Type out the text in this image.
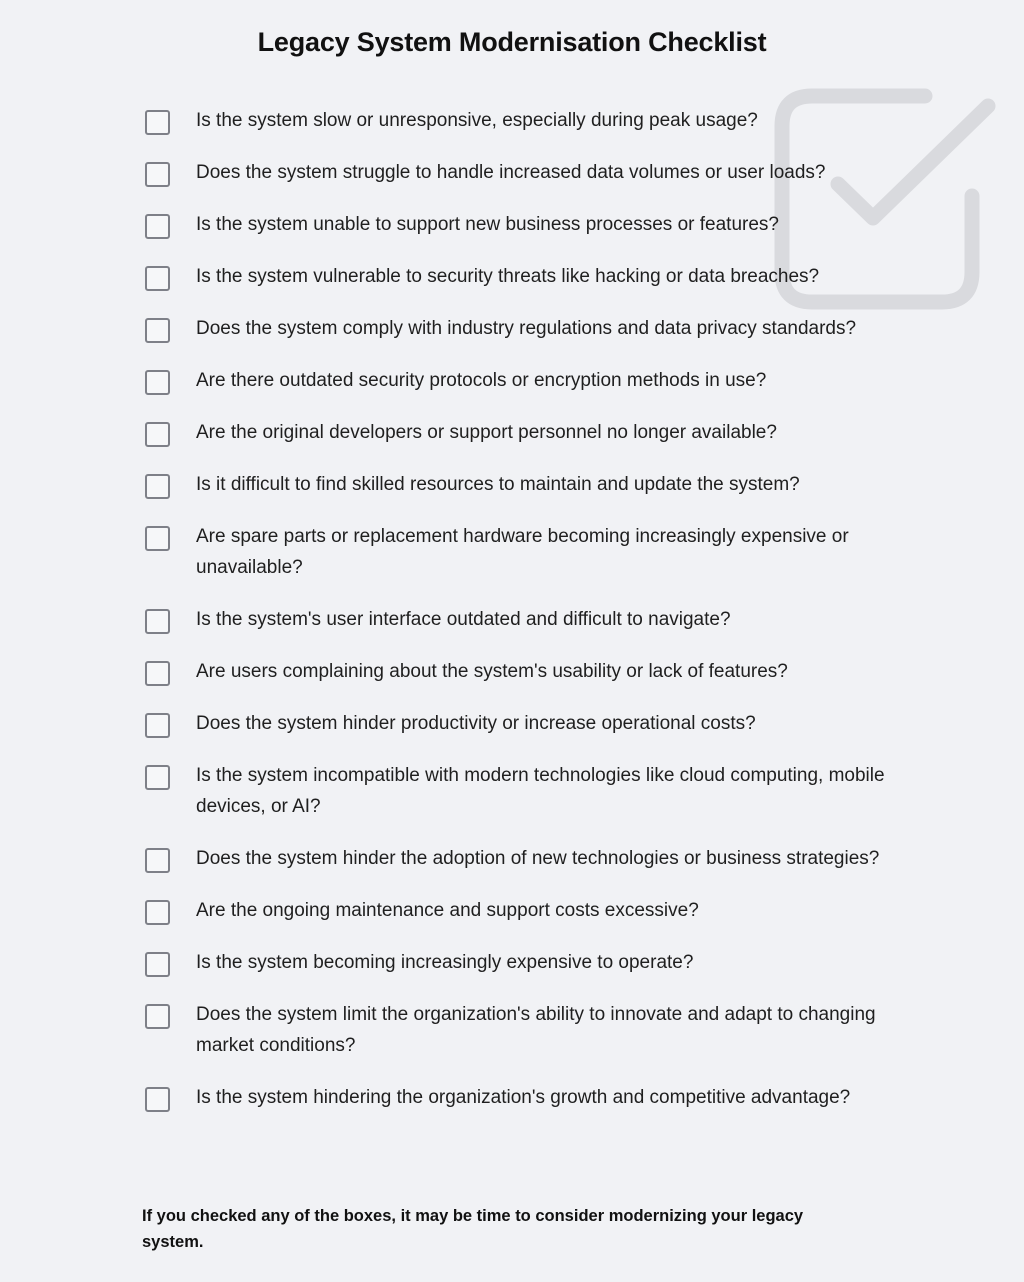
Legacy System Modernisation Checklist
Is the system slow or unresponsive, especially during peak usage?
Does the system struggle to handle increased data volumes or user loads?
Is the system unable to support new business processes or features?
Is the system vulnerable to security threats like hacking or data breaches?
Does the system comply with industry regulations and data privacy standards?
Are there outdated security protocols or encryption methods in use?
Are the original developers or support personnel no longer available?
Is it difficult to find skilled resources to maintain and update the system?
Are spare parts or replacement hardware becoming increasingly expensive or unavailable?
Is the system's user interface outdated and difficult to navigate?
Are users complaining about the system's usability or lack of features?
Does the system hinder productivity or increase operational costs?
Is the system incompatible with modern technologies like cloud computing, mobile devices, or AI?
Does the system hinder the adoption of new technologies or business strategies?
Are the ongoing maintenance and support costs excessive?
Is the system becoming increasingly expensive to operate?
Does the system limit the organization's ability to innovate and adapt to changing market conditions?
Is the system hindering the organization's growth and competitive advantage?

If you checked any of the boxes, it may be time to consider modernizing your legacy system.
